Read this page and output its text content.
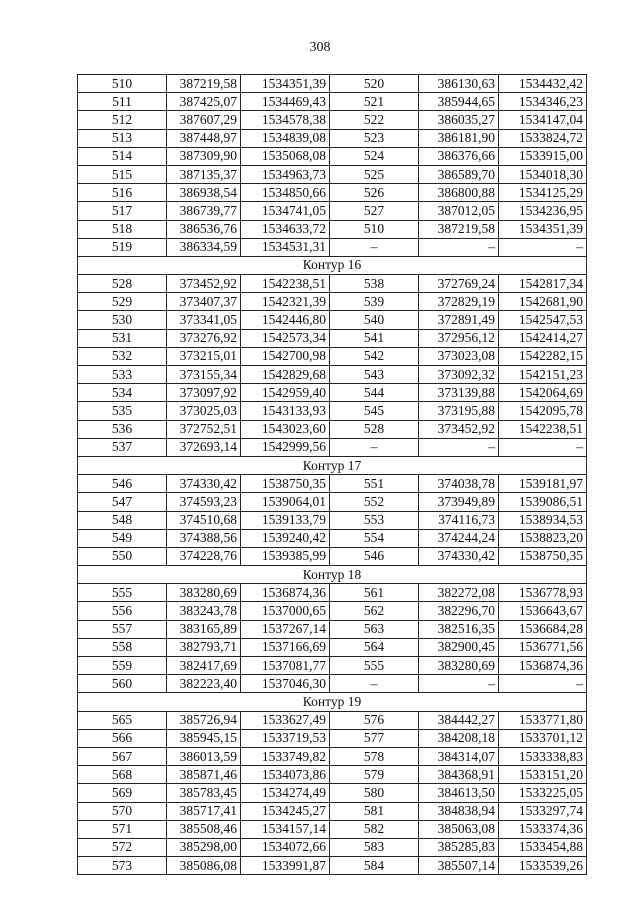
308
510	387219,58	1534351,39	520	386130,63	1534432,42
511	387425,07	1534469,43	521	385944,65	1534346,23
512	387607,29	1534578,38	522	386035,27	1534147,04
513	387448,97	1534839,08	523	386181,90	1533824,72
514	387309,90	1535068,08	524	386376,66	1533915,00
515	387135,37	1534963,73	525	386589,70	1534018,30
516	386938,54	1534850,66	526	386800,88	1534125,29
517	386739,77	1534741,05	527	387012,05	1534236,95
518	386536,76	1534633,72	510	387219,58	1534351,39
519	386334,59	1534531,31	–	–	–
Контур 16					
528	373452,92	1542238,51	538	372769,24	1542817,34
529	373407,37	1542321,39	539	372829,19	1542681,90
530	373341,05	1542446,80	540	372891,49	1542547,53
531	373276,92	1542573,34	541	372956,12	1542414,27
532	373215,01	1542700,98	542	373023,08	1542282,15
533	373155,34	1542829,68	543	373092,32	1542151,23
534	373097,92	1542959,40	544	373139,88	1542064,69
535	373025,03	1543133,93	545	373195,88	1542095,78
536	372752,51	1543023,60	528	373452,92	1542238,51
537	372693,14	1542999,56	–	–	–
Контур 17					
546	374330,42	1538750,35	551	374038,78	1539181,97
547	374593,23	1539064,01	552	373949,89	1539086,51
548	374510,68	1539133,79	553	374116,73	1538934,53
549	374388,56	1539240,42	554	374244,24	1538823,20
550	374228,76	1539385,99	546	374330,42	1538750,35
Контур 18					
555	383280,69	1536874,36	561	382272,08	1536778,93
556	383243,78	1537000,65	562	382296,70	1536643,67
557	383165,89	1537267,14	563	382516,35	1536684,28
558	382793,71	1537166,69	564	382900,45	1536771,56
559	382417,69	1537081,77	555	383280,69	1536874,36
560	382223,40	1537046,30	–	–	–
Контур 19					
565	385726,94	1533627,49	576	384442,27	1533771,80
566	385945,15	1533719,53	577	384208,18	1533701,12
567	386013,59	1533749,82	578	384314,07	1533338,83
568	385871,46	1534073,86	579	384368,91	1533151,20
569	385783,45	1534274,49	580	384613,50	1533225,05
570	385717,41	1534245,27	581	384838,94	1533297,74
571	385508,46	1534157,14	582	385063,08	1533374,36
572	385298,00	1534072,66	583	385285,83	1533454,88
573	385086,08	1533991,87	584	385507,14	1533539,26
